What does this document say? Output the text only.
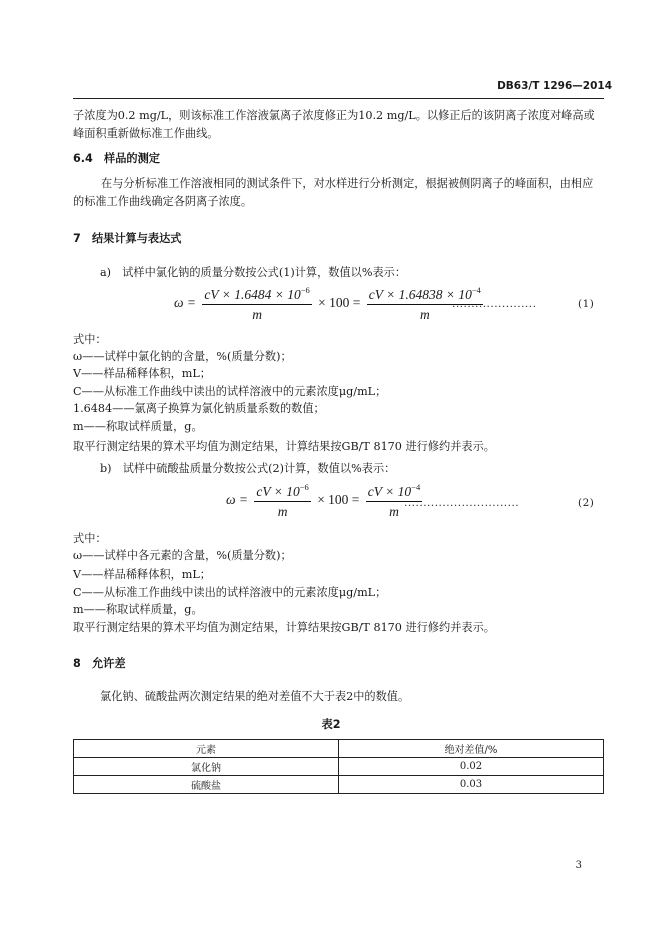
DB63/T 1296—2014
子浓度为0.2 mg/L，则该标准工作溶液氯离子浓度修正为10.2 mg/L。以修正后的该阴离子浓度对峰高或峰面积重新做标准工作曲线。
6.4　样品的测定
在与分析标准工作溶液相同的测试条件下，对水样进行分析测定，根据被侧阴离子的峰面积，由相应的标准工作曲线确定各阴离子浓度。
7　结果计算与表达式
a)　试样中氯化钠的质量分数按公式(1)计算，数值以%表示：
$\omega = \frac{cV \times 1.6484 \times 10^{-6}}{m} \times 100 = \frac{cV \times 1.64838 \times 10^{-4}}{m}$
......................	(1)
式中：
ω——试样中氯化钠的含量，%(质量分数)；
V——样品稀释体积，mL；
C——从标准工作曲线中读出的试样溶液中的元素浓度μg/mL；
1.6484——氯离子换算为氯化钠质量系数的数值；
m——称取试样质量，g。
取平行测定结果的算术平均值为测定结果，计算结果按GB/T 8170 进行修约并表示。
b)　试样中硫酸盐质量分数按公式(2)计算，数值以%表示：
$\omega = \frac{cV \times 10^{-6}}{m} \times 100 = \frac{cV \times 10^{-4}}{m}$
..............................	(2)
式中：
ω——试样中各元素的含量，%(质量分数)；
V——样品稀释体积，mL；
C——从标准工作曲线中读出的试样溶液中的元素浓度μg/mL；
m——称取试样质量，g。
取平行测定结果的算术平均值为测定结果，计算结果按GB/T 8170 进行修约并表示。
8　允许差
氯化钠、硫酸盐两次测定结果的绝对差值不大于表2中的数值。
表2
元素	绝对差值/%
氯化钠	0.02
硫酸盐	0.03
3
